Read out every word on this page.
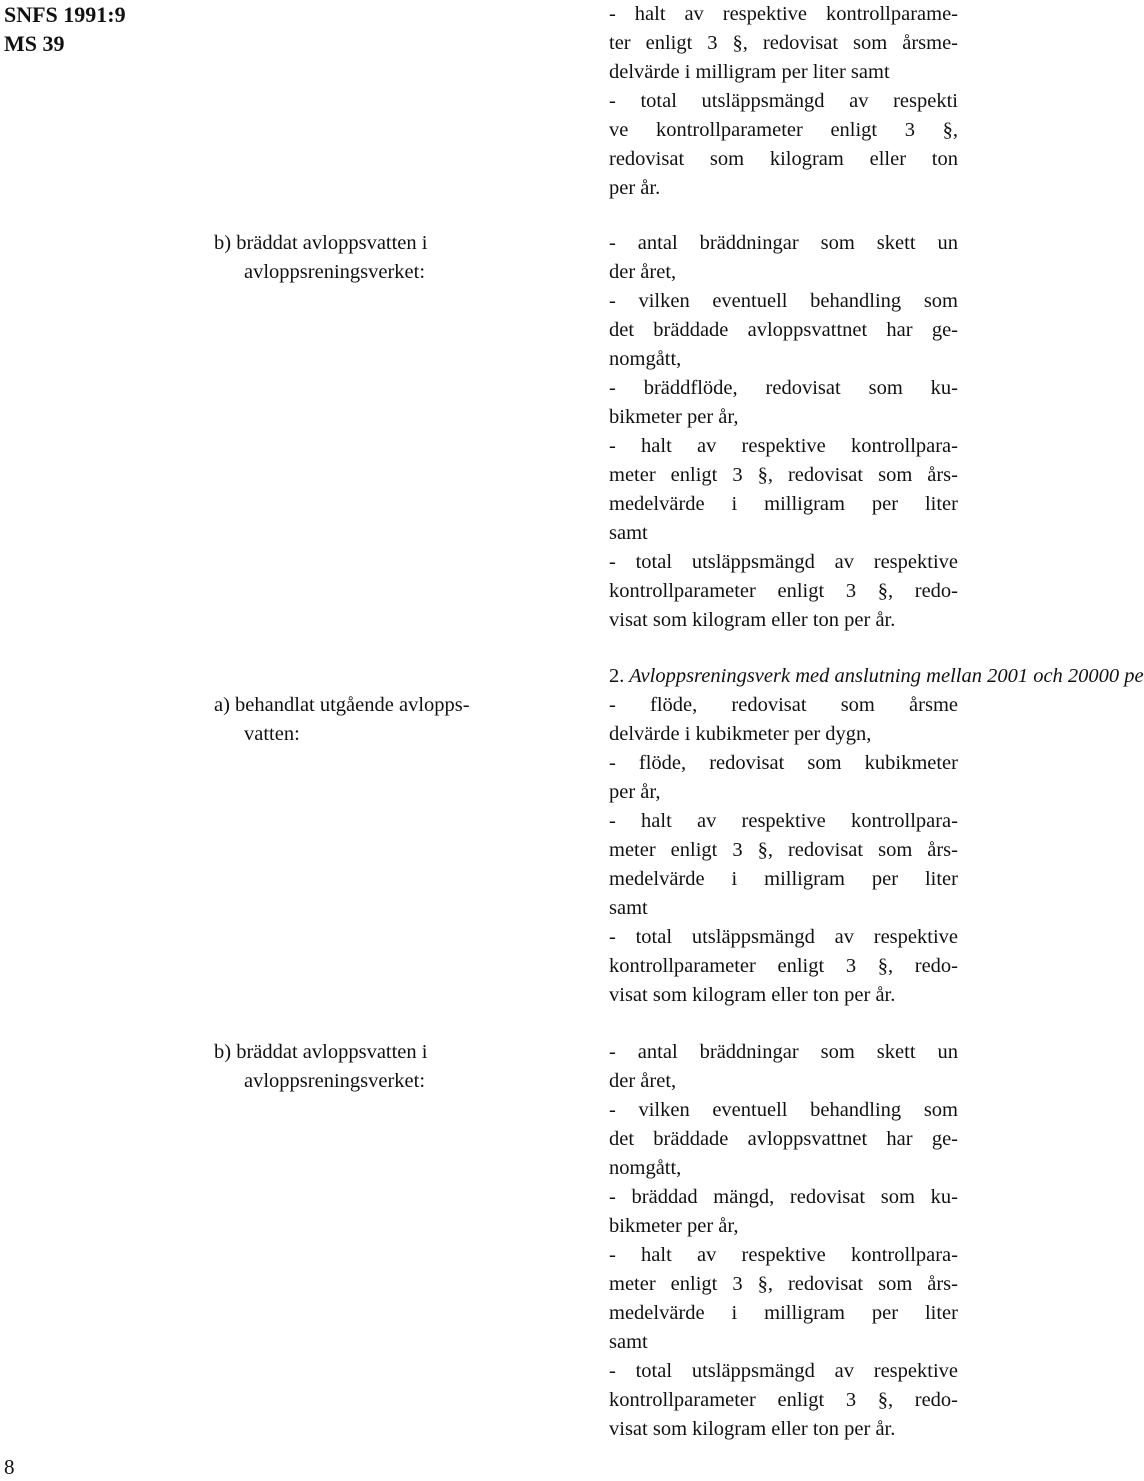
SNFS 1991:9
MS 39
- halt av respektive kontrollparame-
ter enligt 3 §, redovisat som årsme-
delvärde i milligram per liter samt
- total utsläppsmängd av respekti
ve kontrollparameter enligt 3 §,
redovisat som kilogram eller ton
per år.
b) bräddat avloppsvatten i
avloppsreningsverket:
- antal bräddningar som skett un
der året,
- vilken eventuell behandling som
det bräddade avloppsvattnet har ge-
nomgått,
- bräddflöde, redovisat som ku-
bikmeter per år,
- halt av respektive kontrollpara-
meter enligt 3 §, redovisat som års-
medelvärde i milligram per liter
samt
- total utsläppsmängd av respektive
kontrollparameter enligt 3 §, redo-
visat som kilogram eller ton per år.
2. Avloppsreningsverk med anslutning mellan 2001 och 20000 pe
a) behandlat utgående avlopps-
vatten:
- flöde, redovisat som årsme
delvärde i kubikmeter per dygn,
- flöde, redovisat som kubikmeter
per år,
- halt av respektive kontrollpara-
meter enligt 3 §, redovisat som års-
medelvärde i milligram per liter
samt
- total utsläppsmängd av respektive
kontrollparameter enligt 3 §, redo-
visat som kilogram eller ton per år.
b) bräddat avloppsvatten i
avloppsreningsverket:
- antal bräddningar som skett un
der året,
- vilken eventuell behandling som
det bräddade avloppsvattnet har ge-
nomgått,
- bräddad mängd, redovisat som ku-
bikmeter per år,
- halt av respektive kontrollpara-
meter enligt 3 §, redovisat som års-
medelvärde i milligram per liter
samt
- total utsläppsmängd av respektive
kontrollparameter enligt 3 §, redo-
visat som kilogram eller ton per år.
8
